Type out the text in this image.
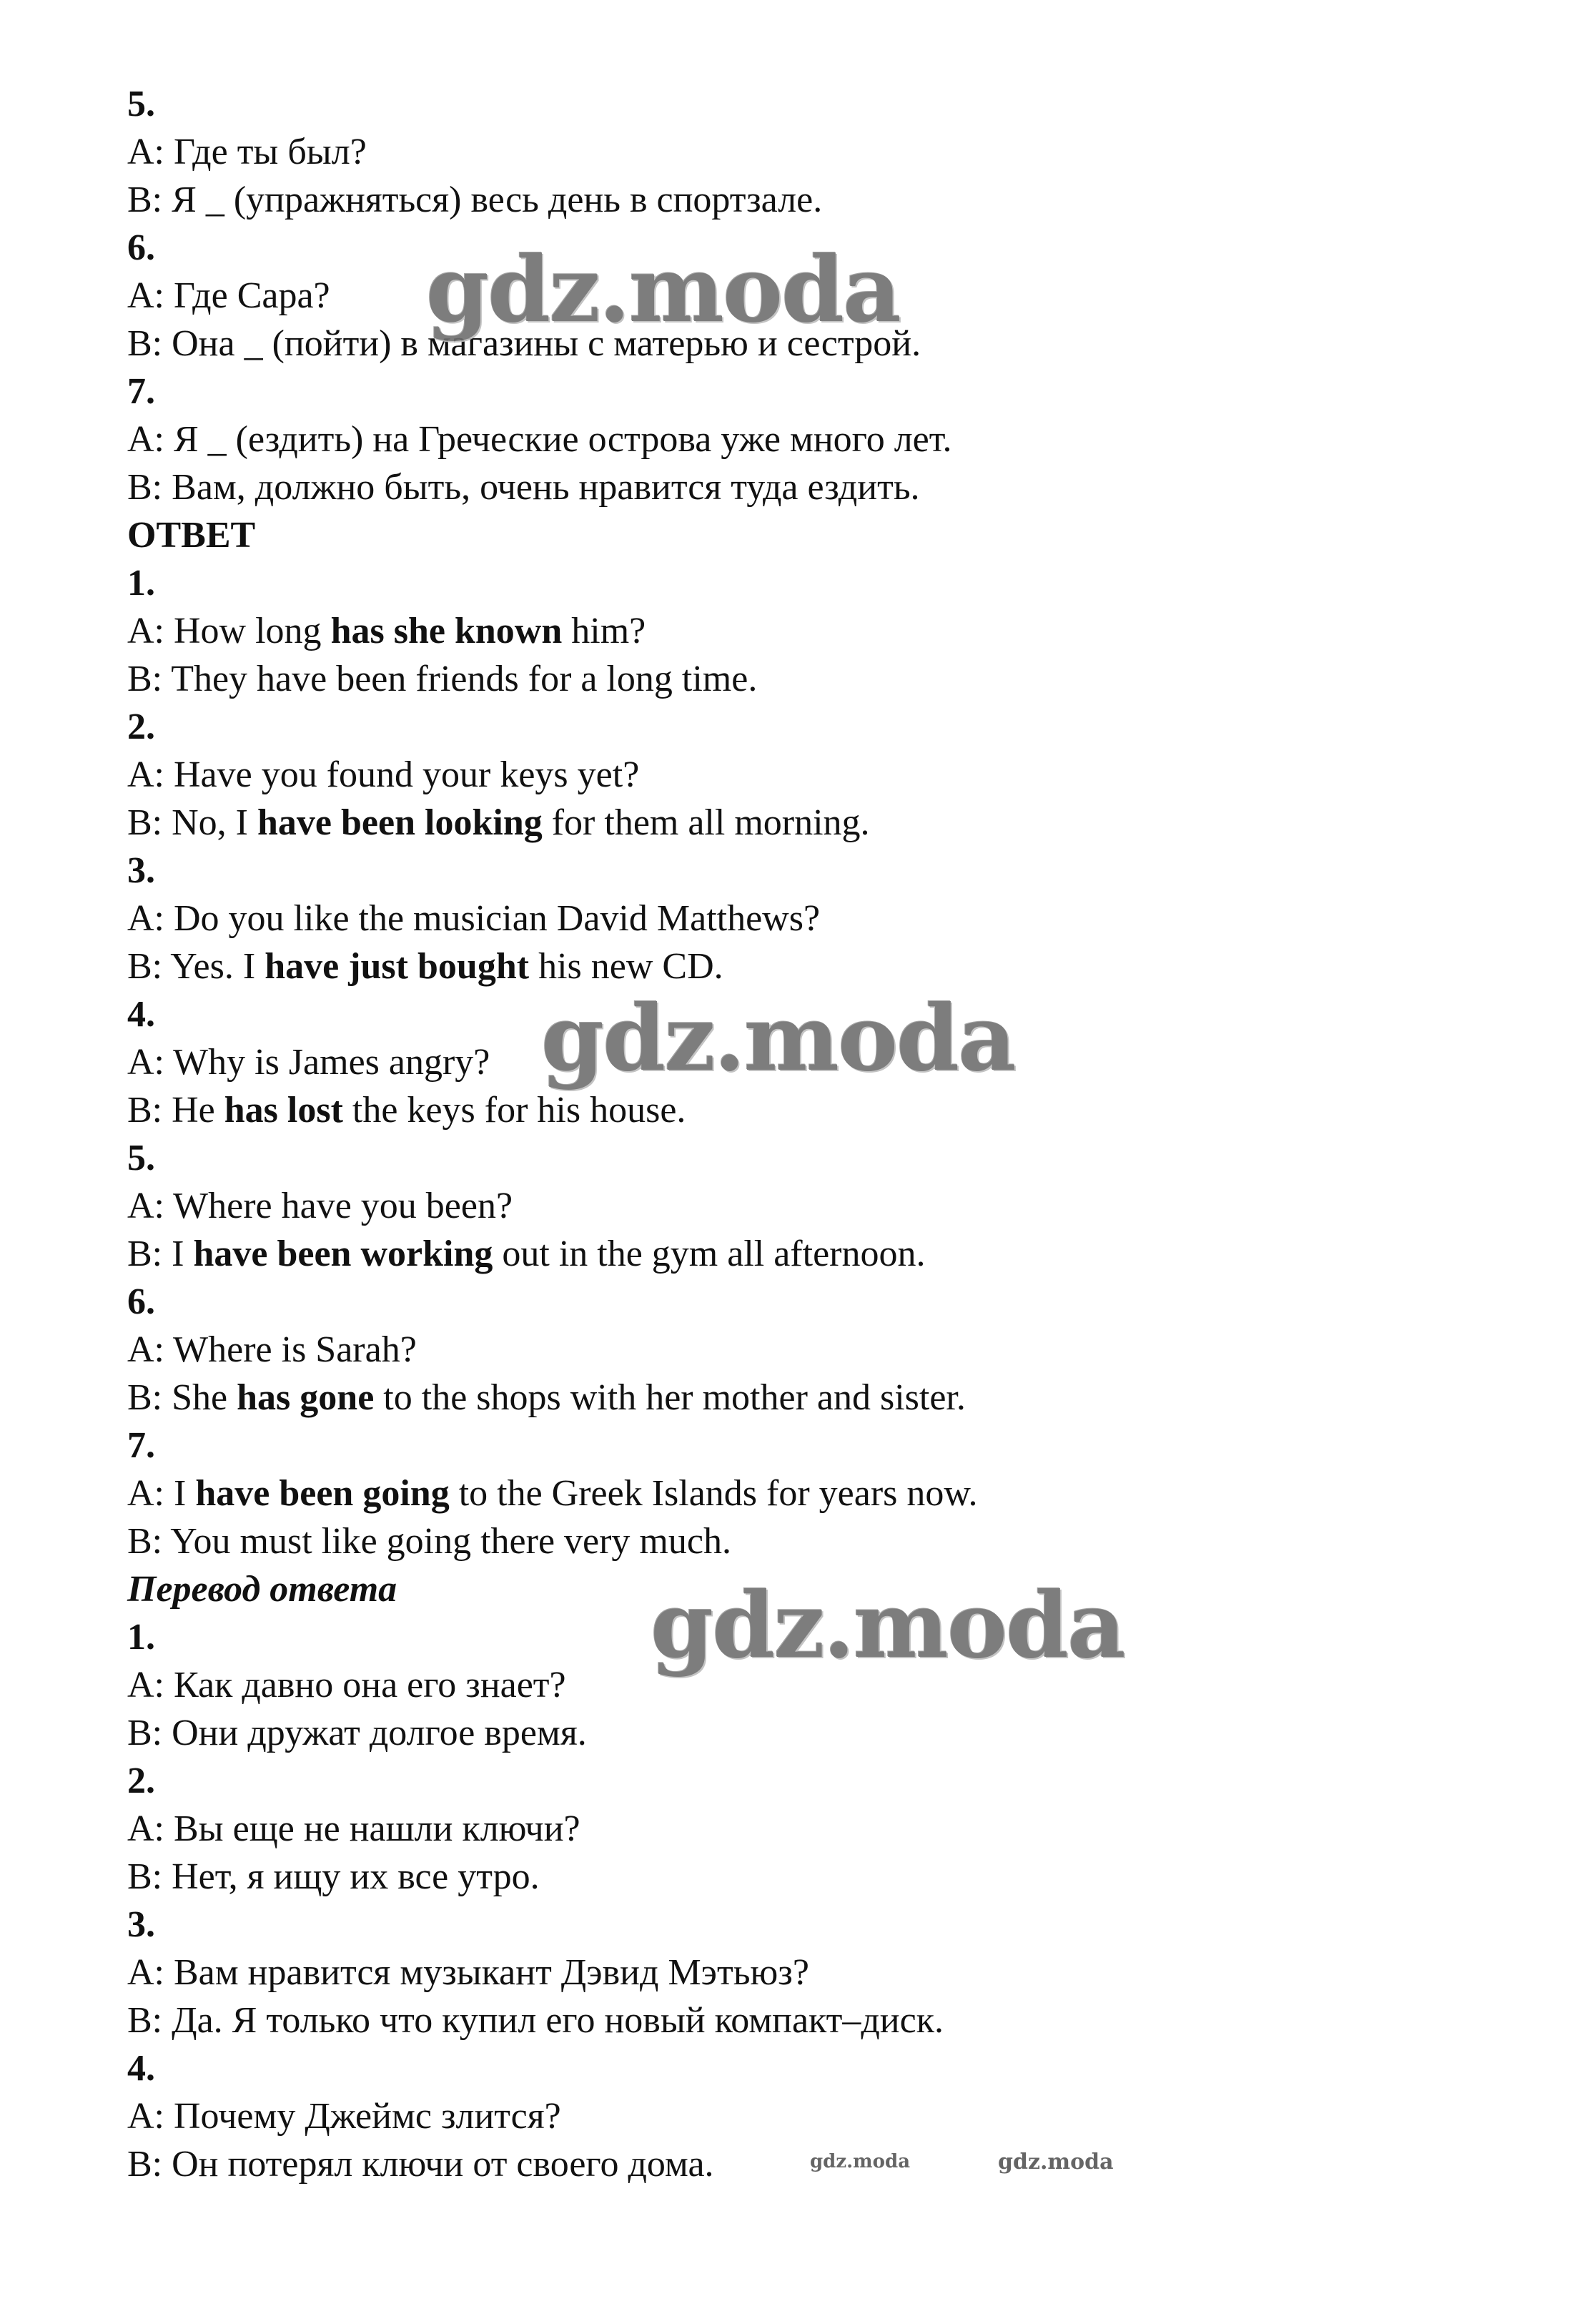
5.
A: Где ты был?
B: Я _ (упражняться) весь день в спортзале.
6.
A: Где Сара?
B: Она _ (пойти) в магазины с матерью и сестрой.
7.
A: Я _ (ездить) на Греческие острова уже много лет.
B: Вам, должно быть, очень нравится туда ездить.
ОТВЕТ
1.
A: How long has she known him?
B: They have been friends for a long time.
2.
A: Have you found your keys yet?
B: No, I have been looking for them all morning.
3.
A: Do you like the musician David Matthews?
B: Yes. I have just bought his new CD.
4.
A: Why is James angry?
B: He has lost the keys for his house.
5.
A: Where have you been?
B: I have been working out in the gym all afternoon.
6.
A: Where is Sarah?
B: She has gone to the shops with her mother and sister.
7.
A: I have been going to the Greek Islands for years now.
B: You must like going there very much.
Перевод ответа
1.
A: Как давно она его знает?
B: Они дружат долгое время.
2.
A: Вы еще не нашли ключи?
B: Нет, я ищу их все утро.
3.
A: Вам нравится музыкант Дэвид Мэтьюз?
B: Да. Я только что купил его новый компакт–диск.
4.
A: Почему Джеймс злится?
B: Он потерял ключи от своего дома.
gdz.moda
gdz.moda
gdz.moda
gdz.moda	gdz.moda
